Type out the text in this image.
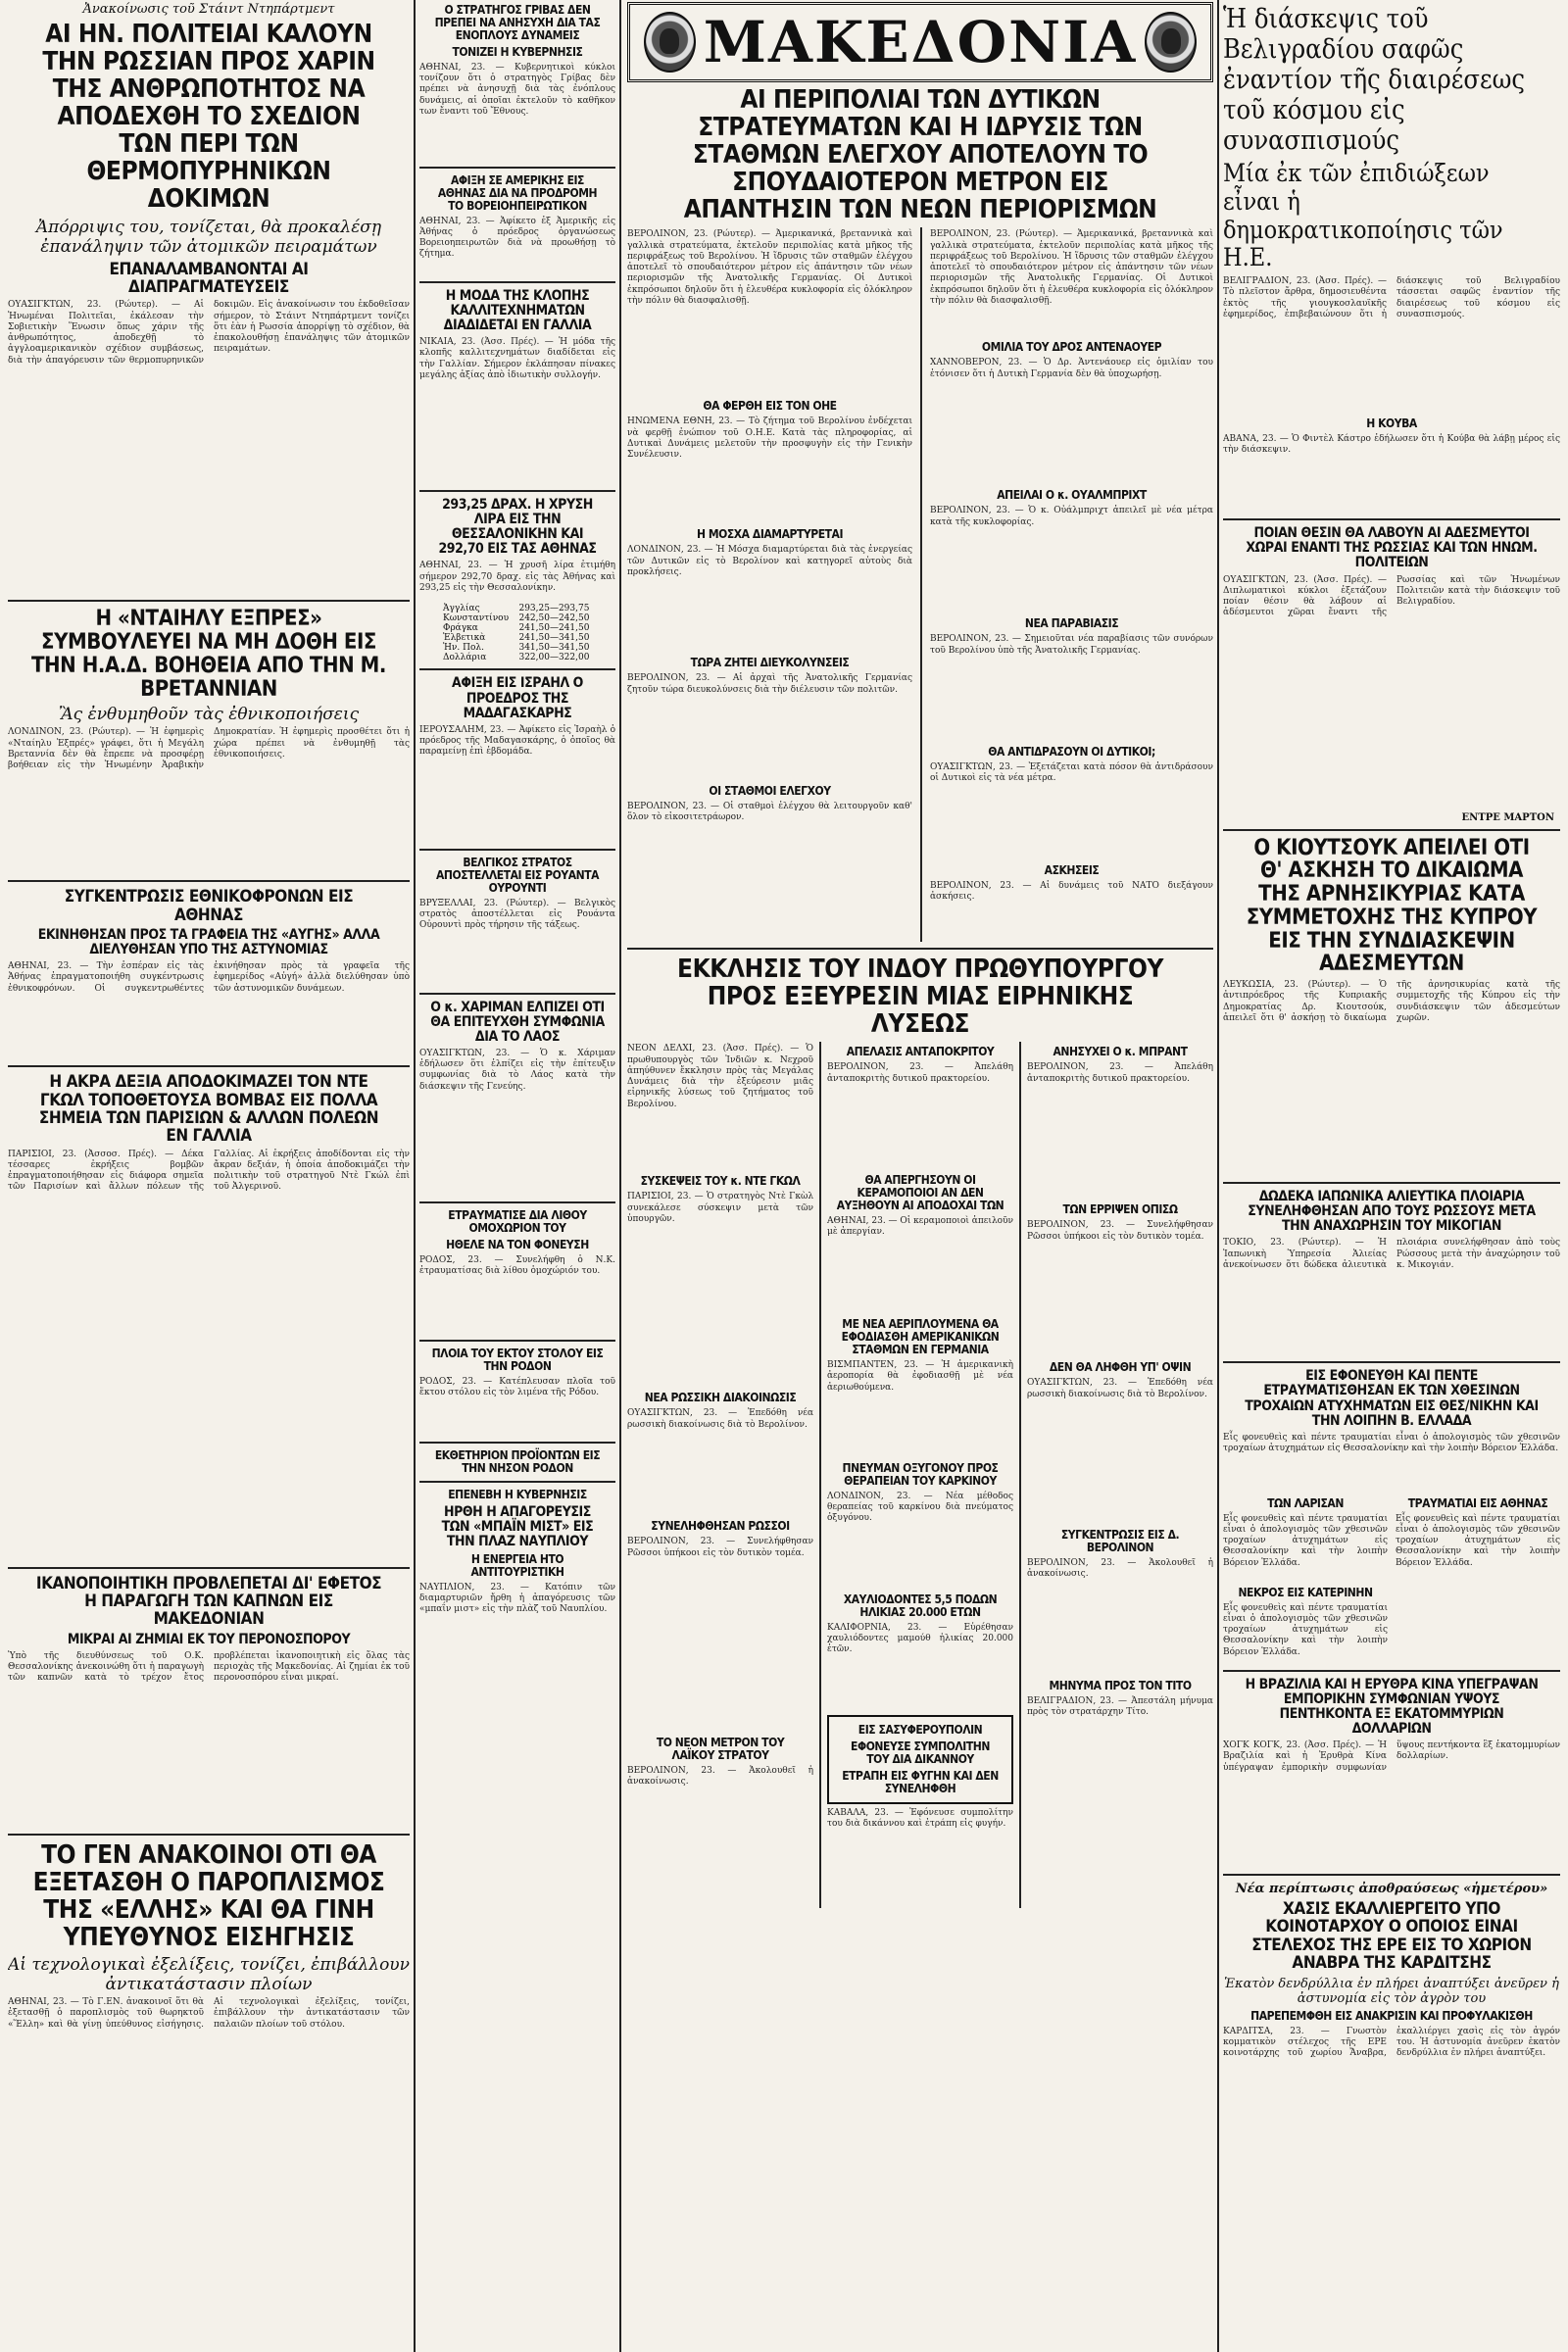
Ἀνακοίνωσις τοῦ Στάιντ Ντηπάρτμεντ
ΑΙ ΗΝ. ΠΟΛΙΤΕΙΑΙ ΚΑΛΟΥΝ ΤΗΝ ΡΩΣΣΙΑΝ ΠΡΟΣ ΧΑΡΙΝ ΤΗΣ ΑΝΘΡΩΠΟΤΗΤΟΣ ΝΑ ΑΠΟΔΕΧΘΗ ΤΟ ΣΧΕΔΙΟΝ ΤΩΝ ΠΕΡΙ ΤΩΝ ΘΕΡΜΟΠΥΡΗΝΙΚΩΝ ΔΟΚΙΜΩΝ
Ἀπόρριψις του, τονίζεται, θὰ προκαλέσῃ ἐπανάληψιν τῶν ἀτομικῶν πειραμάτων
ΕΠΑΝΑΛΑΜΒΑΝΟΝΤΑΙ ΑΙ ΔΙΑΠΡΑΓΜΑΤΕΥΣΕΙΣ
ΟΥΑΣΙΓΚΤΩΝ, 23. (Ρώυτερ). — Αἱ Ἡνωμέναι Πολιτεῖαι, ἐκάλεσαν τὴν Σοβιετικὴν Ἕνωσιν ὅπως χάριν τῆς ἀνθρωπότητος, ἀποδεχθῇ τὸ ἀγγλοαμερικανικὸν σχέδιον συμβάσεως, διὰ τὴν ἀπαγόρευσιν τῶν θερμοπυρηνικῶν δοκιμῶν. Εἰς ἀνακοίνωσιν του ἐκδοθεῖσαν σήμερον, τὸ Στάιντ Ντηπάρτμεντ τονίζει ὅτι ἐὰν ἡ Ρωσσία ἀπορρίψῃ τὸ σχέδιον, θὰ ἐπακολουθήσῃ ἐπανάληψις τῶν ἀτομικῶν πειραμάτων.
Η «ΝΤΑΙΗΛΥ ΕΞΠΡΕΣ» ΣΥΜΒΟΥΛΕΥΕΙ ΝΑ ΜΗ ΔΟΘΗ ΕΙΣ ΤΗΝ Η.Α.Δ. ΒΟΗΘΕΙΑ ΑΠΟ ΤΗΝ Μ. ΒΡΕΤΑΝΝΙΑΝ
Ἂς ἐνθυμηθοῦν τὰς ἐθνικοποιήσεις
ΛΟΝΔΙΝΟΝ, 23. (Ρώυτερ). — Ἡ ἐφημερὶς «Νταίηλυ Ἐξπρές» γράφει, ὅτι ἡ Μεγάλη Βρεταννία δὲν θὰ ἔπρεπε νὰ προσφέρῃ βοήθειαν εἰς τὴν Ἡνωμένην Ἀραβικὴν Δημοκρατίαν. Ἡ ἐφημερὶς προσθέτει ὅτι ἡ χώρα πρέπει νὰ ἐνθυμηθῇ τὰς ἐθνικοποιήσεις.
ΣΥΓΚΕΝΤΡΩΣΙΣ ΕΘΝΙΚΟΦΡΟΝΩΝ ΕΙΣ ΑΘΗΝΑΣ
ΕΚΙΝΗΘΗΣΑΝ ΠΡΟΣ ΤΑ ΓΡΑΦΕΙΑ ΤΗΣ «ΑΥΓΗΣ» ΑΛΛΑ ΔΙΕΛΥΘΗΣΑΝ ΥΠΟ ΤΗΣ ΑΣΤΥΝΟΜΙΑΣ
ΑΘΗΝΑΙ, 23. — Τὴν ἑσπέραν εἰς τὰς Ἀθήνας ἐπραγματοποιήθη συγκέντρωσις ἐθνικοφρόνων. Οἱ συγκεντρωθέντες ἐκινήθησαν πρὸς τὰ γραφεῖα τῆς ἐφημερίδος «Αὐγή» ἀλλὰ διελύθησαν ὑπὸ τῶν ἀστυνομικῶν δυνάμεων.
Η ΑΚΡΑ ΔΕΞΙΑ ΑΠΟΔΟΚΙΜΑΖΕΙ ΤΟΝ ΝΤΕ ΓΚΩΛ ΤΟΠΟΘΕΤΟΥΣΑ ΒΟΜΒΑΣ ΕΙΣ ΠΟΛΛΑ ΣΗΜΕΙΑ ΤΩΝ ΠΑΡΙΣΙΩΝ & ΑΛΛΩΝ ΠΟΛΕΩΝ ΕΝ ΓΑΛΛΙΑ
ΠΑΡΙΣΙΟΙ, 23. (Ἀσσοσ. Πρές). — Δέκα τέσσαρες ἐκρήξεις βομβῶν ἐπραγματοποιήθησαν εἰς διάφορα σημεῖα τῶν Παρισίων καὶ ἄλλων πόλεων τῆς Γαλλίας. Αἱ ἐκρήξεις ἀποδίδονται εἰς τὴν ἄκραν δεξιάν, ἡ ὁποία ἀποδοκιμάζει τὴν πολιτικὴν τοῦ στρατηγοῦ Ντὲ Γκώλ ἐπὶ τοῦ Ἀλγερινοῦ.
ΙΚΑΝΟΠΟΙΗΤΙΚΗ ΠΡΟΒΛΕΠΕΤΑΙ ΔΙ' ΕΦΕΤΟΣ Η ΠΑΡΑΓΩΓΗ ΤΩΝ ΚΑΠΝΩΝ ΕΙΣ ΜΑΚΕΔΟΝΙΑΝ
ΜΙΚΡΑΙ ΑΙ ΖΗΜΙΑΙ ΕΚ ΤΟΥ ΠΕΡΟΝΟΣΠΟΡΟΥ
Ὑπὸ τῆς διευθύνσεως τοῦ Ο.Κ. Θεσσαλονίκης ἀνεκοινώθη ὅτι ἡ παραγωγὴ τῶν καπνῶν κατὰ τὸ τρέχον ἔτος προβλέπεται ἱκανοποιητικὴ εἰς ὅλας τὰς περιοχὰς τῆς Μακεδονίας. Αἱ ζημίαι ἐκ τοῦ περονοσπόρου εἶναι μικραί.
ΤΟ ΓΕΝ ΑΝΑΚΟΙΝΟΙ ΟΤΙ ΘΑ ΕΞΕΤΑΣΘΗ Ο ΠΑΡΟΠΛΙΣΜΟΣ ΤΗΣ «ΕΛΛΗΣ» ΚΑΙ ΘΑ ΓΙΝΗ ΥΠΕΥΘΥΝΟΣ ΕΙΣΗΓΗΣΙΣ
Αἱ τεχνολογικαὶ ἐξελίξεις, τονίζει, ἐπιβάλλουν ἀντικατάστασιν πλοίων
ΑΘΗΝΑΙ, 23. — Τὸ Γ.ΕΝ. ἀνακοινοῖ ὅτι θὰ ἐξετασθῇ ὁ παροπλισμὸς τοῦ θωρηκτοῦ «Ἕλλη» καὶ θὰ γίνῃ ὑπεύθυνος εἰσήγησις. Αἱ τεχνολογικαὶ ἐξελίξεις, τονίζει, ἐπιβάλλουν τὴν ἀντικατάστασιν τῶν παλαιῶν πλοίων τοῦ στόλου.
Ο ΣΤΡΑΤΗΓΟΣ ΓΡΙΒΑΣ ΔΕΝ ΠΡΕΠΕΙ ΝΑ ΑΝΗΣΥΧΗ ΔΙΑ ΤΑΣ ΕΝΟΠΛΟΥΣ ΔΥΝΑΜΕΙΣ
ΤΟΝΙΖΕΙ Η ΚΥΒΕΡΝΗΣΙΣ
ΑΘΗΝΑΙ, 23. — Κυβερνητικοὶ κύκλοι τονίζουν ὅτι ὁ στρατηγὸς Γρίβας δὲν πρέπει νὰ ἀνησυχῇ διὰ τὰς ἐνόπλους δυνάμεις, αἱ ὁποῖαι ἐκτελοῦν τὸ καθῆκον των ἔναντι τοῦ Ἔθνους.
ΑΦΙΞΗ ΣΕ ΑΜΕΡΙΚΗΣ ΕΙΣ ΑΘΗΝΑΣ ΔΙΑ ΝΑ ΠΡΟΔΡΟΜΗ ΤΟ ΒΟΡΕΙΟΗΠΕΙΡΩΤΙΚΟΝ
ΑΘΗΝΑΙ, 23. — Ἀφίκετο ἐξ Ἀμερικῆς εἰς Ἀθήνας ὁ πρόεδρος ὀργανώσεως Βορειοηπειρωτῶν διὰ νὰ προωθήσῃ τὸ ζήτημα.
Η ΜΟΔΑ ΤΗΣ ΚΛΟΠΗΣ ΚΑΛΛΙΤΕΧΝΗΜΑΤΩΝ ΔΙΑΔΙΔΕΤΑΙ ΕΝ ΓΑΛΛΙΑ
ΝΙΚΑΙΑ, 23. (Ἀσσ. Πρές). — Ἡ μόδα τῆς κλοπῆς καλλιτεχνημάτων διαδίδεται εἰς τὴν Γαλλίαν. Σήμερον ἐκλάπησαν πίνακες μεγάλης ἀξίας ἀπὸ ἰδιωτικὴν συλλογήν.
293,25 ΔΡΑΧ. Η ΧΡΥΣΗ ΛΙΡΑ ΕΙΣ ΤΗΝ ΘΕΣΣΑΛΟΝΙΚΗΝ ΚΑΙ 292,70 ΕΙΣ ΤΑΣ ΑΘΗΝΑΣ
ΑΘΗΝΑΙ, 23. — Ἡ χρυσῆ λίρα ἐτιμήθη σήμερον 292,70 δραχ. εἰς τὰς Ἀθήνας καὶ 293,25 εἰς τὴν Θεσσαλονίκην.
Ἀγγλίας	293,25—293,75
Κωνσταντίνου	242,50—242,50
Φράγκα	241,50—241,50
Ἑλβετικὰ	241,50—341,50
Ἡν. Πολ.	341,50—341,50
Δολλάρια	322,00—322,00
ΑΦΙΞΗ ΕΙΣ ΙΣΡΑΗΛ Ο ΠΡΟΕΔΡΟΣ ΤΗΣ ΜΑΔΑΓΑΣΚΑΡΗΣ
ΙΕΡΟΥΣΑΛΗΜ, 23. — Ἀφίκετο εἰς Ἰσραὴλ ὁ πρόεδρος τῆς Μαδαγασκάρης, ὁ ὁποῖος θὰ παραμείνῃ ἐπὶ ἑβδομάδα.
ΒΕΛΓΙΚΟΣ ΣΤΡΑΤΟΣ ΑΠΟΣΤΕΛΛΕΤΑΙ ΕΙΣ ΡΟΥΑΝΤΑ ΟΥΡΟΥΝΤΙ
ΒΡΥΞΕΛΛΑΙ, 23. (Ρώυτερ). — Βελγικὸς στρατὸς ἀποστέλλεται εἰς Ρουάντα Οὐρουντὶ πρὸς τήρησιν τῆς τάξεως.
Ο κ. ΧΑΡΙΜΑΝ ΕΛΠΙΖΕΙ ΟΤΙ ΘΑ ΕΠΙΤΕΥΧΘΗ ΣΥΜΦΩΝΙΑ ΔΙΑ ΤΟ ΛΑΟΣ
ΟΥΑΣΙΓΚΤΩΝ, 23. — Ὁ κ. Χάριμαν ἐδήλωσεν ὅτι ἐλπίζει εἰς τὴν ἐπίτευξιν συμφωνίας διὰ τὸ Λάος κατὰ τὴν διάσκεψιν τῆς Γενεύης.
ΕΤΡΑΥΜΑΤΙΣΕ ΔΙΑ ΛΙΘΟΥ ΟΜΟΧΩΡΙΟΝ ΤΟΥ
ΗΘΕΛΕ ΝΑ ΤΟΝ ΦΟΝΕΥΣΗ
ΡΟΔΟΣ, 23. — Συνελήφθη ὁ Ν.Κ. ἐτραυματίσας διὰ λίθου ὁμοχώριόν του.
ΠΛΟΙΑ ΤΟΥ ΕΚΤΟΥ ΣΤΟΛΟΥ ΕΙΣ ΤΗΝ ΡΟΔΟΝ
ΡΟΔΟΣ, 23. — Κατέπλευσαν πλοῖα τοῦ ἕκτου στόλου εἰς τὸν λιμένα τῆς Ρόδου.
ΕΚΘΕΤΗΡΙΟΝ ΠΡΟΪΟΝΤΩΝ ΕΙΣ ΤΗΝ ΝΗΣΟΝ ΡΟΔΟΝ
ΕΠΕΝΕΒΗ Η ΚΥΒΕΡΝΗΣΙΣ
ΗΡΘΗ Η ΑΠΑΓΟΡΕΥΣΙΣ ΤΩΝ «ΜΠΑΪΝ ΜΙΣΤ» ΕΙΣ ΤΗΝ ΠΛΑΖ ΝΑΥΠΛΙΟΥ
Η ΕΝΕΡΓΕΙΑ ΗΤΟ ΑΝΤΙΤΟΥΡΙΣΤΙΚΗ
ΝΑΥΠΛΙΟΝ, 23. — Κατόπιν τῶν διαμαρτυριῶν ἤρθη ἡ ἀπαγόρευσις τῶν «μπαΐν μιστ» εἰς τὴν πλὰζ τοῦ Ναυπλίου.
ΜΑΚΕΔΟΝΙΑ
ΑΙ ΠΕΡΙΠΟΛΙΑΙ ΤΩΝ ΔΥΤΙΚΩΝ ΣΤΡΑΤΕΥΜΑΤΩΝ ΚΑΙ Η ΙΔΡΥΣΙΣ ΤΩΝ ΣΤΑΘΜΩΝ ΕΛΕΓΧΟΥ ΑΠΟΤΕΛΟΥΝ ΤΟ ΣΠΟΥΔΑΙΟΤΕΡΟΝ ΜΕΤΡΟΝ ΕΙΣ ΑΠΑΝΤΗΣΙΝ ΤΩΝ ΝΕΩΝ ΠΕΡΙΟΡΙΣΜΩΝ
ΒΕΡΟΛΙΝΟΝ, 23. (Ρώυτερ). — Ἀμερικανικά, βρεταννικὰ καὶ γαλλικὰ στρατεύματα, ἐκτελοῦν περιπολίας κατὰ μῆκος τῆς περιφράξεως τοῦ Βερολίνου. Ἡ ἵδρυσις τῶν σταθμῶν ἐλέγχου ἀποτελεῖ τὸ σπουδαιότερον μέτρον εἰς ἀπάντησιν τῶν νέων περιορισμῶν τῆς Ἀνατολικῆς Γερμανίας. Οἱ Δυτικοὶ ἐκπρόσωποι δηλοῦν ὅτι ἡ ἐλευθέρα κυκλοφορία εἰς ὁλόκληρον τὴν πόλιν θὰ διασφαλισθῇ.
ΘΑ ΦΕΡΘΗ ΕΙΣ ΤΟΝ ΟΗΕ
ΗΝΩΜΕΝΑ ΕΘΝΗ, 23. — Τὸ ζήτημα τοῦ Βερολίνου ἐνδέχεται νὰ φερθῇ ἐνώπιον τοῦ Ο.Η.Ε. Κατὰ τὰς πληροφορίας, αἱ Δυτικαὶ Δυνάμεις μελετοῦν τὴν προσφυγὴν εἰς τὴν Γενικὴν Συνέλευσιν.
Η ΜΟΣΧΑ ΔΙΑΜΑΡΤΥΡΕΤΑΙ
ΛΟΝΔΙΝΟΝ, 23. — Ἡ Μόσχα διαμαρτύρεται διὰ τὰς ἐνεργείας τῶν Δυτικῶν εἰς τὸ Βερολίνον καὶ κατηγορεῖ αὐτοὺς διὰ προκλήσεις.
ΤΩΡΑ ΖΗΤΕΙ ΔΙΕΥΚΟΛΥΝΣΕΙΣ
ΒΕΡΟΛΙΝΟΝ, 23. — Αἱ ἀρχαὶ τῆς Ἀνατολικῆς Γερμανίας ζητοῦν τώρα διευκολύνσεις διὰ τὴν διέλευσιν τῶν πολιτῶν.
ΟΙ ΣΤΑΘΜΟΙ ΕΛΕΓΧΟΥ
ΒΕΡΟΛΙΝΟΝ, 23. — Οἱ σταθμοὶ ἐλέγχου θὰ λειτουργοῦν καθ' ὅλον τὸ εἰκοσιτετράωρον.
ΒΕΡΟΛΙΝΟΝ, 23. (Ρώυτερ). — Ἀμερικανικά, βρεταννικὰ καὶ γαλλικὰ στρατεύματα, ἐκτελοῦν περιπολίας κατὰ μῆκος τῆς περιφράξεως τοῦ Βερολίνου. Ἡ ἵδρυσις τῶν σταθμῶν ἐλέγχου ἀποτελεῖ τὸ σπουδαιότερον μέτρον εἰς ἀπάντησιν τῶν νέων περιορισμῶν τῆς Ἀνατολικῆς Γερμανίας. Οἱ Δυτικοὶ ἐκπρόσωποι δηλοῦν ὅτι ἡ ἐλευθέρα κυκλοφορία εἰς ὁλόκληρον τὴν πόλιν θὰ διασφαλισθῇ.
ΟΜΙΛΙΑ ΤΟΥ ΔΡΟΣ ΑΝΤΕΝΑΟΥΕΡ
ΧΑΝΝΟΒΕΡΟΝ, 23. — Ὁ Δρ. Ἀντενάουερ εἰς ὁμιλίαν του ἐτόνισεν ὅτι ἡ Δυτικὴ Γερμανία δὲν θὰ ὑποχωρήσῃ.
ΑΠΕΙΛΑΙ Ο κ. ΟΥΑΛΜΠΡΙΧΤ
ΒΕΡΟΛΙΝΟΝ, 23. — Ὁ κ. Οὐάλμπριχτ ἀπειλεῖ μὲ νέα μέτρα κατὰ τῆς κυκλοφορίας.
ΝΕΑ ΠΑΡΑΒΙΑΣΙΣ
ΒΕΡΟΛΙΝΟΝ, 23. — Σημειοῦται νέα παραβίασις τῶν συνόρων τοῦ Βερολίνου ὑπὸ τῆς Ἀνατολικῆς Γερμανίας.
ΘΑ ΑΝΤΙΔΡΑΣΟΥΝ ΟΙ ΔΥΤΙΚΟΙ;
ΟΥΑΣΙΓΚΤΩΝ, 23. — Ἐξετάζεται κατὰ πόσον θὰ ἀντιδράσουν οἱ Δυτικοὶ εἰς τὰ νέα μέτρα.
ΑΣΚΗΣΕΙΣ
ΒΕΡΟΛΙΝΟΝ, 23. — Αἱ δυνάμεις τοῦ ΝΑΤΟ διεξάγουν ἀσκήσεις.
ΕΚΚΛΗΣΙΣ ΤΟΥ ΙΝΔΟΥ ΠΡΩΘΥΠΟΥΡΓΟΥ ΠΡΟΣ ΕΞΕΥΡΕΣΙΝ ΜΙΑΣ ΕΙΡΗΝΙΚΗΣ ΛΥΣΕΩΣ
ΝΕΟΝ ΔΕΛΧΙ, 23. (Ἀσσ. Πρές). — Ὁ πρωθυπουργὸς τῶν Ἰνδιῶν κ. Νεχροῦ ἀπηύθυνεν ἔκκλησιν πρὸς τὰς Μεγάλας Δυνάμεις διὰ τὴν ἐξεύρεσιν μιᾶς εἰρηνικῆς λύσεως τοῦ ζητήματος τοῦ Βερολίνου.
ΣΥΣΚΕΨΕΙΣ ΤΟΥ κ. ΝΤΕ ΓΚΩΛ
ΠΑΡΙΣΙΟΙ, 23. — Ὁ στρατηγὸς Ντὲ Γκὼλ συνεκάλεσε σύσκεψιν μετὰ τῶν ὑπουργῶν.
ΝΕΑ ΡΩΣΣΙΚΗ ΔΙΑΚΟΙΝΩΣΙΣ
ΟΥΑΣΙΓΚΤΩΝ, 23. — Ἐπεδόθη νέα ρωσσικὴ διακοίνωσις διὰ τὸ Βερολίνον.
ΣΥΝΕΛΗΦΘΗΣΑΝ ΡΩΣΣΟΙ
ΒΕΡΟΛΙΝΟΝ, 23. — Συνελήφθησαν Ρῶσσοι ὑπήκοοι εἰς τὸν δυτικὸν τομέα.
ΤΟ ΝΕΟΝ ΜΕΤΡΟΝ ΤΟΥ ΛΑΪΚΟΥ ΣΤΡΑΤΟΥ
ΒΕΡΟΛΙΝΟΝ, 23. — Ἀκολουθεῖ ἡ ἀνακοίνωσις.
ΑΠΕΛΑΣΙΣ ΑΝΤΑΠΟΚΡΙΤΟΥ
ΒΕΡΟΛΙΝΟΝ, 23. — Ἀπελάθη ἀνταποκριτὴς δυτικοῦ πρακτορείου.
ΘΑ ΑΠΕΡΓΗΣΟΥΝ ΟΙ ΚΕΡΑΜΟΠΟΙΟΙ ΑΝ ΔΕΝ ΑΥΞΗΘΟΥΝ ΑΙ ΑΠΟΔΟΧΑΙ ΤΩΝ
ΑΘΗΝΑΙ, 23. — Οἱ κεραμοποιοὶ ἀπειλοῦν μὲ ἀπεργίαν.
ΜΕ ΝΕΑ ΑΕΡΙΠΛΟΥΜΕΝΑ ΘΑ ΕΦΟΔΙΑΣΘΗ ΑΜΕΡΙΚΑΝΙΚΩΝ ΣΤΑΘΜΩΝ ΕΝ ΓΕΡΜΑΝΙΑ
ΒΙΣΜΠΑΝΤΕΝ, 23. — Ἡ ἀμερικανικὴ ἀεροπορία θὰ ἐφοδιασθῇ μὲ νέα ἀεριωθούμενα.
ΠΝΕΥΜΑΝ ΟΞΥΓΟΝΟΥ ΠΡΟΣ ΘΕΡΑΠΕΙΑΝ ΤΟΥ ΚΑΡΚΙΝΟΥ
ΛΟΝΔΙΝΟΝ, 23. — Νέα μέθοδος θεραπείας τοῦ καρκίνου διὰ πνεύματος ὀξυγόνου.
ΧΑΥΛΙΟΔΟΝΤΕΣ 5,5 ΠΟΔΩΝ ΗΛΙΚΙΑΣ 20.000 ΕΤΩΝ
ΚΑΛΙΦΟΡΝΙΑ, 23. — Εὑρέθησαν χαυλιόδοντες μαμούθ ἡλικίας 20.000 ἐτῶν.
ΕΙΣ ΣΑΣΥΦΕΡΟΥΠΟΛΙΝ
ΕΦΟΝΕΥΣΕ ΣΥΜΠΟΛΙΤΗΝ ΤΟΥ ΔΙΑ ΔΙΚΑΝΝΟΥ
ΕΤΡΑΠΗ ΕΙΣ ΦΥΓΗΝ ΚΑΙ ΔΕΝ ΣΥΝΕΛΗΦΘΗ
ΚΑΒΑΛΑ, 23. — Ἐφόνευσε συμπολίτην του διὰ δικάννου καὶ ἐτράπη εἰς φυγήν.
ΑΝΗΣΥΧΕΙ Ο κ. ΜΠΡΑΝΤ
ΒΕΡΟΛΙΝΟΝ, 23. — Ἀπελάθη ἀνταποκριτὴς δυτικοῦ πρακτορείου.
ΤΩΝ ΕΡΡΙΨΕΝ ΟΠΙΣΩ
ΒΕΡΟΛΙΝΟΝ, 23. — Συνελήφθησαν Ρῶσσοι ὑπήκοοι εἰς τὸν δυτικὸν τομέα.
ΔΕΝ ΘΑ ΛΗΦΘΗ ΥΠ' ΟΨΙΝ
ΟΥΑΣΙΓΚΤΩΝ, 23. — Ἐπεδόθη νέα ρωσσικὴ διακοίνωσις διὰ τὸ Βερολίνον.
ΣΥΓΚΕΝΤΡΩΣΙΣ ΕΙΣ Δ. ΒΕΡΟΛΙΝΟΝ
ΒΕΡΟΛΙΝΟΝ, 23. — Ἀκολουθεῖ ἡ ἀνακοίνωσις.
ΜΗΝΥΜΑ ΠΡΟΣ ΤΟΝ ΤΙΤΟ
ΒΕΛΙΓΡΑΔΙΟΝ, 23. — Ἀπεστάλη μήνυμα πρὸς τὸν στρατάρχην Τίτο.
Ἡ διάσκεψις τοῦ Βελιγραδίου σαφῶς ἐναντίον τῆς διαιρέσεως τοῦ κόσμου εἰς συνασπισμούς
Μία ἐκ τῶν ἐπιδιώξεων εἶναι ἡ δημοκρατικοποίησις τῶν Η.Ε.
ΒΕΛΙΓΡΑΔΙΟΝ, 23. (Ἀσσ. Πρές). — Τὸ πλεῖστον ἄρθρα, δημοσιευθέντα ἐκτὸς τῆς γιουγκοσλαυϊκῆς ἐφημερίδος, ἐπιβεβαιώνουν ὅτι ἡ διάσκεψις τοῦ Βελιγραδίου τάσσεται σαφῶς ἐναντίον τῆς διαιρέσεως τοῦ κόσμου εἰς συνασπισμούς.
Η ΚΟΥΒΑ
ΑΒΑΝΑ, 23. — Ὁ Φιντὲλ Κάστρο ἐδήλωσεν ὅτι ἡ Κούβα θὰ λάβῃ μέρος εἰς τὴν διάσκεψιν.
ΠΟΙΑΝ ΘΕΣΙΝ ΘΑ ΛΑΒΟΥΝ ΑΙ ΑΔΕΣΜΕΥΤΟΙ ΧΩΡΑΙ ΕΝΑΝΤΙ ΤΗΣ ΡΩΣΣΙΑΣ ΚΑΙ ΤΩΝ ΗΝΩΜ. ΠΟΛΙΤΕΙΩΝ
ΟΥΑΣΙΓΚΤΩΝ, 23. (Ἀσσ. Πρές). — Διπλωματικοὶ κύκλοι ἐξετάζουν ποίαν θέσιν θὰ λάβουν αἱ ἀδέσμευτοι χῶραι ἔναντι τῆς Ρωσσίας καὶ τῶν Ἡνωμένων Πολιτειῶν κατὰ τὴν διάσκεψιν τοῦ Βελιγραδίου.
ΕΝΤΡΕ ΜΑΡΤΟΝ
Ο ΚΙΟΥΤΣΟΥΚ ΑΠΕΙΛΕΙ ΟΤΙ Θ' ΑΣΚΗΣΗ ΤΟ ΔΙΚΑΙΩΜΑ ΤΗΣ ΑΡΝΗΣΙΚΥΡΙΑΣ ΚΑΤΑ ΣΥΜΜΕΤΟΧΗΣ ΤΗΣ ΚΥΠΡΟΥ ΕΙΣ ΤΗΝ ΣΥΝΔΙΑΣΚΕΨΙΝ ΑΔΕΣΜΕΥΤΩΝ
ΛΕΥΚΩΣΙΑ, 23. (Ρώυτερ). — Ὁ ἀντιπρόεδρος τῆς Κυπριακῆς Δημοκρατίας Δρ. Κιουτσούκ, ἀπειλεῖ ὅτι θ' ἀσκήσῃ τὸ δικαίωμα τῆς ἀρνησικυρίας κατὰ τῆς συμμετοχῆς τῆς Κύπρου εἰς τὴν συνδιάσκεψιν τῶν ἀδεσμεύτων χωρῶν.
ΔΩΔΕΚΑ ΙΑΠΩΝΙΚΑ ΑΛΙΕΥΤΙΚΑ ΠΛΟΙΑΡΙΑ ΣΥΝΕΛΗΦΘΗΣΑΝ ΑΠΟ ΤΟΥΣ ΡΩΣΣΟΥΣ ΜΕΤΑ ΤΗΝ ΑΝΑΧΩΡΗΣΙΝ ΤΟΥ ΜΙΚΟΓΙΑΝ
ΤΟΚΙΟ, 23. (Ρώυτερ). — Ἡ Ἰαπωνικὴ Ὑπηρεσία Ἁλιείας ἀνεκοίνωσεν ὅτι δώδεκα ἁλιευτικὰ πλοιάρια συνελήφθησαν ἀπὸ τοὺς Ρώσσους μετὰ τὴν ἀναχώρησιν τοῦ κ. Μικογιάν.
ΕΙΣ ΕΦΟΝΕΥΘΗ ΚΑΙ ΠΕΝΤΕ ΕΤΡΑΥΜΑΤΙΣΘΗΣΑΝ ΕΚ ΤΩΝ ΧΘΕΣΙΝΩΝ ΤΡΟΧΑΙΩΝ ΑΤΥΧΗΜΑΤΩΝ ΕΙΣ ΘΕΣ/ΝΙΚΗΝ ΚΑΙ ΤΗΝ ΛΟΙΠΗΝ Β. ΕΛΛΑΔΑ
Εἷς φονευθεὶς καὶ πέντε τραυματίαι εἶναι ὁ ἀπολογισμὸς τῶν χθεσινῶν τροχαίων ἀτυχημάτων εἰς Θεσσαλονίκην καὶ τὴν λοιπὴν Βόρειον Ἑλλάδα.
ΤΩΝ ΛΑΡΙΣΑΝ
Εἷς φονευθεὶς καὶ πέντε τραυματίαι εἶναι ὁ ἀπολογισμὸς τῶν χθεσινῶν τροχαίων ἀτυχημάτων εἰς Θεσσαλονίκην καὶ τὴν λοιπὴν Βόρειον Ἑλλάδα.
ΝΕΚΡΟΣ ΕΙΣ ΚΑΤΕΡΙΝΗΝ
Εἷς φονευθεὶς καὶ πέντε τραυματίαι εἶναι ὁ ἀπολογισμὸς τῶν χθεσινῶν τροχαίων ἀτυχημάτων εἰς Θεσσαλονίκην καὶ τὴν λοιπὴν Βόρειον Ἑλλάδα.
ΤΡΑΥΜΑΤΙΑΙ ΕΙΣ ΑΘΗΝΑΣ
Εἷς φονευθεὶς καὶ πέντε τραυματίαι εἶναι ὁ ἀπολογισμὸς τῶν χθεσινῶν τροχαίων ἀτυχημάτων εἰς Θεσσαλονίκην καὶ τὴν λοιπὴν Βόρειον Ἑλλάδα.
Η ΒΡΑΖΙΛΙΑ ΚΑΙ Η ΕΡΥΘΡΑ ΚΙΝΑ ΥΠΕΓΡΑΨΑΝ ΕΜΠΟΡΙΚΗΝ ΣΥΜΦΩΝΙΑΝ ΥΨΟΥΣ ΠΕΝΤΗΚΟΝΤΑ ΕΞ ΕΚΑΤΟΜΜΥΡΙΩΝ ΔΟΛΛΑΡΙΩΝ
ΧΟΓΚ ΚΟΓΚ, 23. (Ἀσσ. Πρές). — Ἡ Βραζιλία καὶ ἡ Ἐρυθρὰ Κίνα ὑπέγραψαν ἐμπορικὴν συμφωνίαν ὕψους πεντήκοντα ἓξ ἑκατομμυρίων δολλαρίων.
Νέα περίπτωσις ἀποθραύσεως «ἡμετέρου»
ΧΑΣΙΣ ΕΚΑΛΛΙΕΡΓΕΙΤΟ ΥΠΟ ΚΟΙΝΟΤΑΡΧΟΥ Ο ΟΠΟΙΟΣ ΕΙΝΑΙ ΣΤΕΛΕΧΟΣ ΤΗΣ ΕΡΕ ΕΙΣ ΤΟ ΧΩΡΙΟΝ ΑΝΑΒΡΑ ΤΗΣ ΚΑΡΔΙΤΣΗΣ
Ἑκατὸν δενδρύλλια ἐν πλήρει ἀναπτύξει ἀνεῦρεν ἡ ἀστυνομία εἰς τὸν ἀγρὸν του
ΠΑΡΕΠΕΜΦΘΗ ΕΙΣ ΑΝΑΚΡΙΣΙΝ ΚΑΙ ΠΡΟΦΥΛΑΚΙΣΘΗ
ΚΑΡΔΙΤΣΑ, 23. — Γνωστὸν κομματικὸν στέλεχος τῆς ΕΡΕ κοινοτάρχης τοῦ χωρίου Ἄναβρα, ἐκαλλιέργει χασὶς εἰς τὸν ἀγρόν του. Ἡ ἀστυνομία ἀνεῦρεν ἑκατὸν δενδρύλλια ἐν πλήρει ἀναπτύξει.
